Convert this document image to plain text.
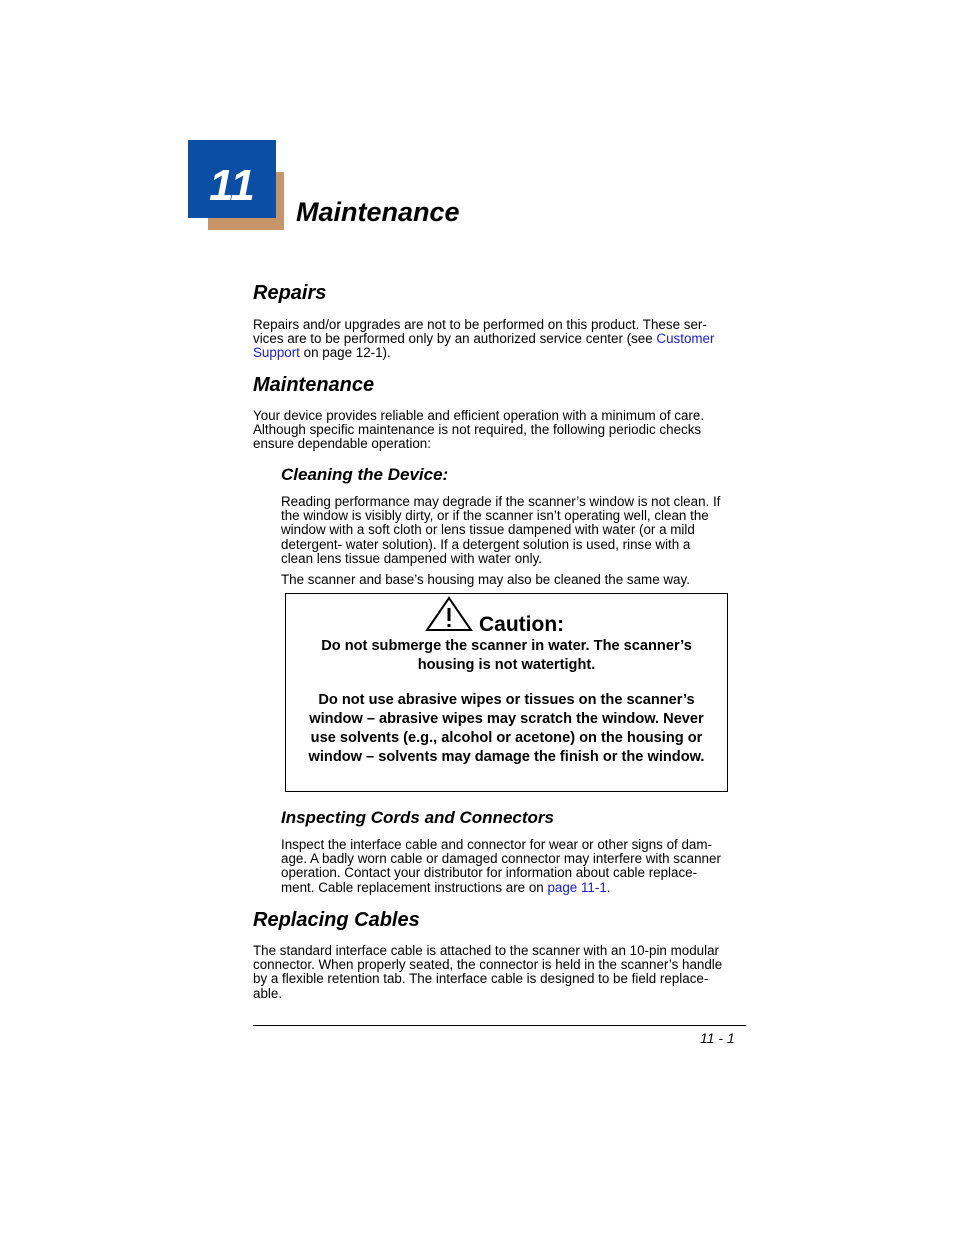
11
Maintenance
Repairs
Repairs and/or upgrades are not to be performed on this product. These ser-
vices are to be performed only by an authorized service center (see Customer
Support on page 12-1).
Maintenance
Your device provides reliable and efficient operation with a minimum of care.
Although specific maintenance is not required, the following periodic checks
ensure dependable operation:
Cleaning the Device:
Reading performance may degrade if the scanner’s window is not clean. If
the window is visibly dirty, or if the scanner isn’t operating well, clean the
window with a soft cloth or lens tissue dampened with water (or a mild
detergent- water solution). If a detergent solution is used, rinse with a
clean lens tissue dampened with water only.
The scanner and base’s housing may also be cleaned the same way.
Caution:
Do not submerge the scanner in water. The scanner’s
housing is not watertight.
Do not use abrasive wipes or tissues on the scanner’s
window – abrasive wipes may scratch the window. Never
use solvents (e.g., alcohol or acetone) on the housing or
window – solvents may damage the finish or the window.
Inspecting Cords and Connectors
Inspect the interface cable and connector for wear or other signs of dam-
age. A badly worn cable or damaged connector may interfere with scanner
operation. Contact your distributor for information about cable replace-
ment. Cable replacement instructions are on page 11-1.
Replacing Cables
The standard interface cable is attached to the scanner with an 10-pin modular
connector. When properly seated, the connector is held in the scanner’s handle
by a flexible retention tab. The interface cable is designed to be field replace-
able.
11 - 1
